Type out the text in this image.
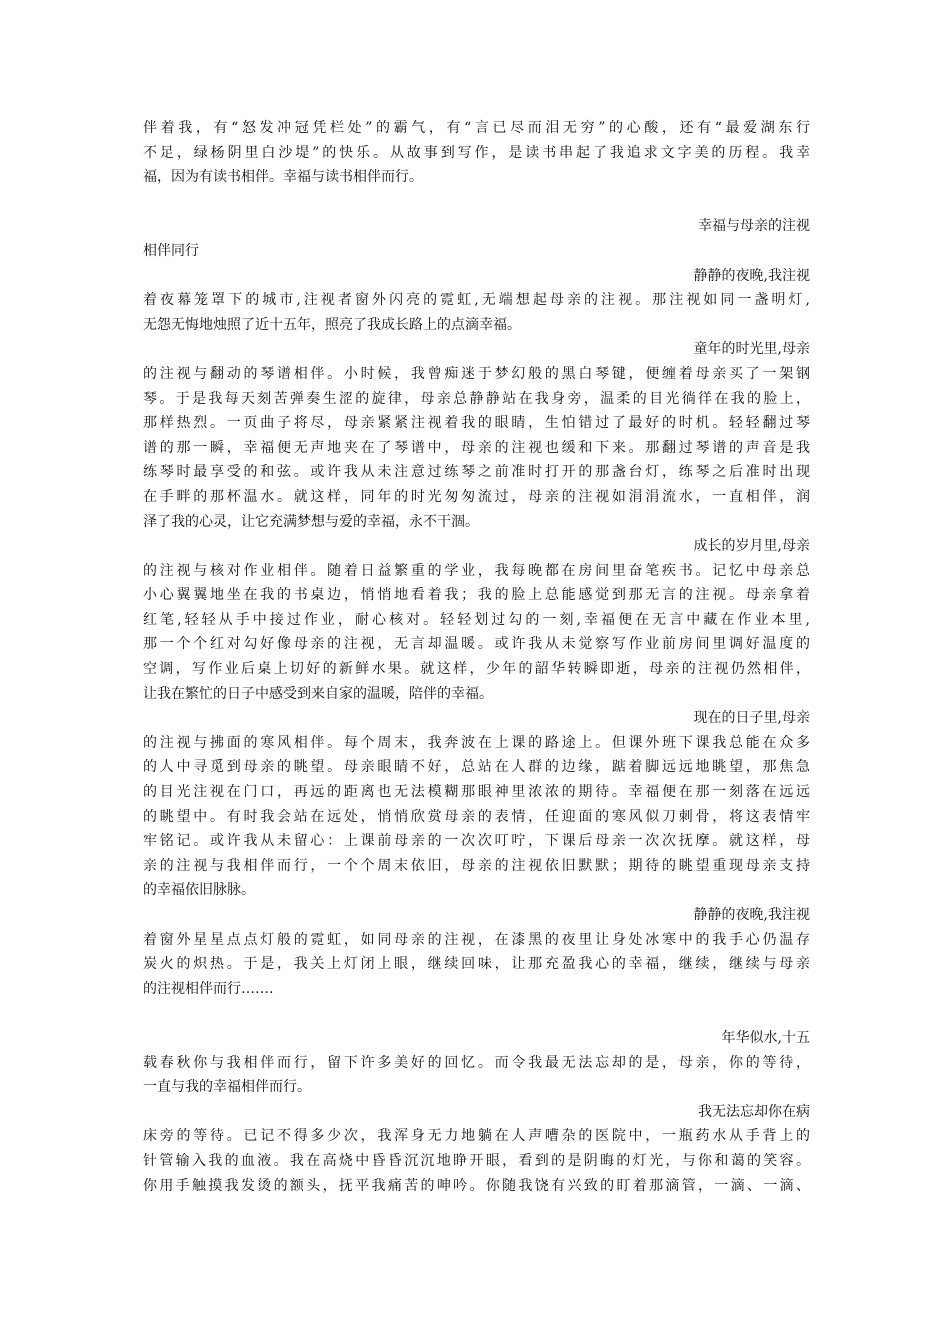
伴着我，有“怒发冲冠凭栏处”的霸气，有“言已尽而泪无穷”的心酸，还有“最爱湖东行
不足，绿杨阴里白沙堤”的快乐。从故事到写作，是读书串起了我追求文字美的历程。我幸
福，因为有读书相伴。幸福与读书相伴而行。
幸福与母亲的注视
相伴同行
静静的夜晚,我注视
着夜幕笼罩下的城市,注视者窗外闪亮的霓虹,无端想起母亲的注视。那注视如同一盏明灯,
无怨无悔地烛照了近十五年，照亮了我成长路上的点滴幸福。
童年的时光里,母亲
的注视与翻动的琴谱相伴。小时候，我曾痴迷于梦幻般的黑白琴键，便缠着母亲买了一架钢
琴。于是我每天刻苦弹奏生涩的旋律，母亲总静静站在我身旁，温柔的目光徜徉在我的脸上，
那样热烈。一页曲子将尽，母亲紧紧注视着我的眼睛，生怕错过了最好的时机。轻轻翻过琴
谱的那一瞬，幸福便无声地夹在了琴谱中，母亲的注视也缓和下来。那翻过琴谱的声音是我
练琴时最享受的和弦。或许我从未注意过练琴之前准时打开的那盏台灯，练琴之后准时出现
在手畔的那杯温水。就这样，同年的时光匆匆流过，母亲的注视如涓涓流水，一直相伴，润
泽了我的心灵，让它充满梦想与爱的幸福，永不干涸。
成长的岁月里,母亲
的注视与核对作业相伴。随着日益繁重的学业，我每晚都在房间里奋笔疾书。记忆中母亲总
小心翼翼地坐在我的书桌边，悄悄地看着我；我的脸上总能感觉到那无言的注视。母亲拿着
红笔,轻轻从手中接过作业，耐心核对。轻轻划过勾的一刻,幸福便在无言中藏在作业本里,
那一个个红对勾好像母亲的注视，无言却温暖。或许我从未觉察写作业前房间里调好温度的
空调，写作业后桌上切好的新鲜水果。就这样，少年的韶华转瞬即逝，母亲的注视仍然相伴，
让我在繁忙的日子中感受到来自家的温暖，陪伴的幸福。
现在的日子里,母亲
的注视与拂面的寒风相伴。每个周末，我奔波在上课的路途上。但课外班下课我总能在众多
的人中寻觅到母亲的眺望。母亲眼睛不好，总站在人群的边缘，踮着脚远远地眺望，那焦急
的目光注视在门口，再远的距离也无法模糊那眼神里浓浓的期待。幸福便在那一刻落在远远
的眺望中。有时我会站在远处，悄悄欣赏母亲的表情，任迎面的寒风似刀刺骨，将这表情牢
牢铭记。或许我从未留心：上课前母亲的一次次叮咛，下课后母亲一次次抚摩。就这样，母
亲的注视与我相伴而行，一个个周末依旧，母亲的注视依旧默默；期待的眺望重现母亲支持
的幸福依旧脉脉。
静静的夜晚,我注视
着窗外星星点点灯般的霓虹，如同母亲的注视，在漆黑的夜里让身处冰寒中的我手心仍温存
炭火的炽热。于是，我关上灯闭上眼，继续回味，让那充盈我心的幸福，继续，继续与母亲
的注视相伴而行…….
年华似水,十五
载春秋你与我相伴而行，留下许多美好的回忆。而令我最无法忘却的是，母亲，你的等待，
一直与我的幸福相伴而行。
我无法忘却你在病
床旁的等待。已记不得多少次，我浑身无力地躺在人声嘈杂的医院中，一瓶药水从手背上的
针管输入我的血液。我在高烧中昏昏沉沉地睁开眼，看到的是阴晦的灯光，与你和蔼的笑容。
你用手触摸我发烫的额头，抚平我痛苦的呻吟。你随我饶有兴致的盯着那滴管，一滴、一滴、
